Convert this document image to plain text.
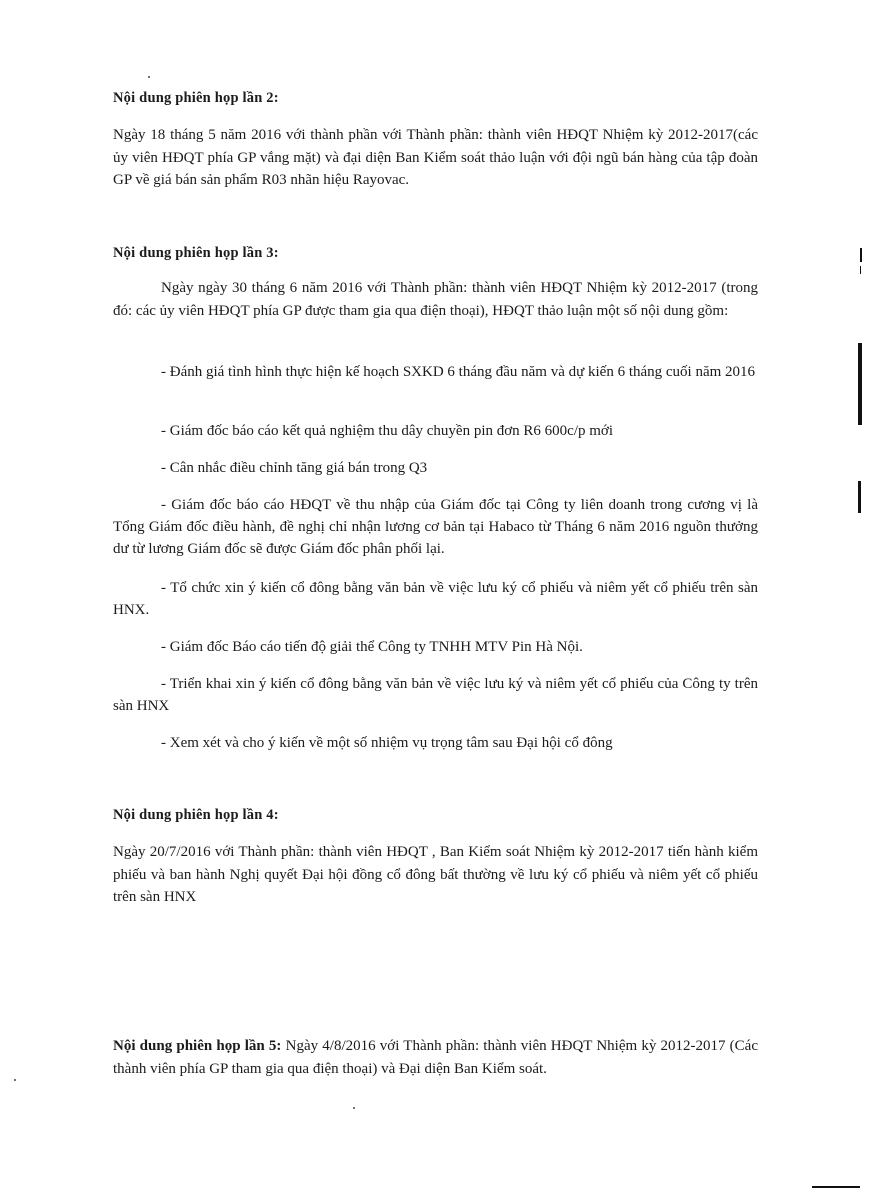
Nội dung phiên họp lần 2:
Ngày 18 tháng 5 năm 2016 với thành phần với Thành phần: thành viên HĐQT Nhiệm kỳ 2012-2017(các ủy viên HĐQT phía GP vắng mặt) và đại diện Ban Kiểm soát thảo luận với đội ngũ bán hàng của tập đoàn GP về giá bán sản phẩm R03 nhãn hiệu Rayovac.
Nội dung phiên họp lần 3:
Ngày ngày 30 tháng 6 năm 2016 với Thành phần: thành viên HĐQT Nhiệm kỳ 2012-2017 (trong đó: các ủy viên HĐQT phía GP được tham gia qua điện thoại), HĐQT thảo luận một số nội dung gồm:
- Đánh giá tình hình thực hiện kế hoạch SXKD 6 tháng đầu năm và dự kiến 6 tháng cuối năm 2016
- Giám đốc báo cáo kết quả nghiệm thu dây chuyền pin đơn R6 600c/p mới
- Cân nhắc điều chỉnh tăng giá bán trong Q3
- Giám đốc báo cáo HĐQT về thu nhập của Giám đốc tại Công ty liên doanh trong cương vị là Tổng Giám đốc điều hành, đề nghị chỉ nhận lương cơ bản tại Habaco từ Tháng 6 năm 2016 nguồn thưởng dư từ lương Giám đốc sẽ được Giám đốc phân phối lại.
- Tổ chức xin ý kiến cổ đông bằng văn bản về việc lưu ký cổ phiếu và niêm yết cổ phiếu trên sàn HNX.
- Giám đốc Báo cáo tiến độ giải thể Công ty TNHH MTV Pin Hà Nội.
- Triển khai xin ý kiến cổ đông bằng văn bản về việc lưu ký và niêm yết cổ phiếu của Công ty trên sàn HNX
- Xem xét và cho ý kiến về một số nhiệm vụ trọng tâm sau Đại hội cổ đông
Nội dung phiên họp lần 4:
Ngày 20/7/2016 với Thành phần: thành viên HĐQT , Ban Kiểm soát Nhiệm kỳ 2012-2017 tiến hành kiểm phiếu và ban hành Nghị quyết Đại hội đồng cổ đông bất thường về lưu ký cổ phiếu và niêm yết cổ phiếu trên sàn HNX
Nội dung phiên họp lần 5: Ngày 4/8/2016 với Thành phần: thành viên HĐQT Nhiệm kỳ 2012-2017 (Các thành viên phía GP tham gia qua điện thoại) và Đại diện Ban Kiểm soát.
